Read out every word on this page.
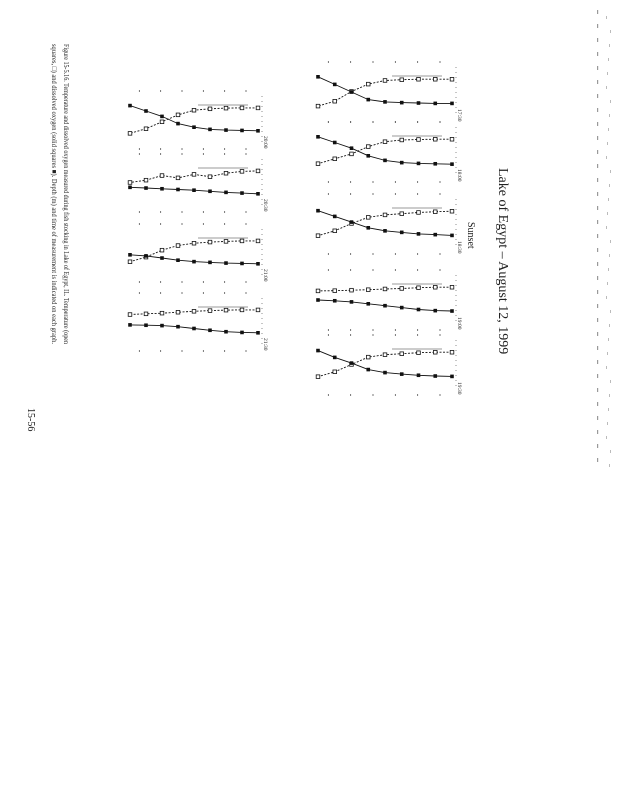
Lake of Egypt – August 12, 1999
Sunset
Figure 15-5.16. Temperature and dissolved oxygen measured during fish stocking in Lake of Egypt, IL. Temperature (open
squares, □) and dissolved oxygen (solid squares ■). Depth (m) and time of measurement is indicated on each graph.
15-56
17:30
18:00
18:30
19:00
19:30
20:00
20:30
21:00
21:30
